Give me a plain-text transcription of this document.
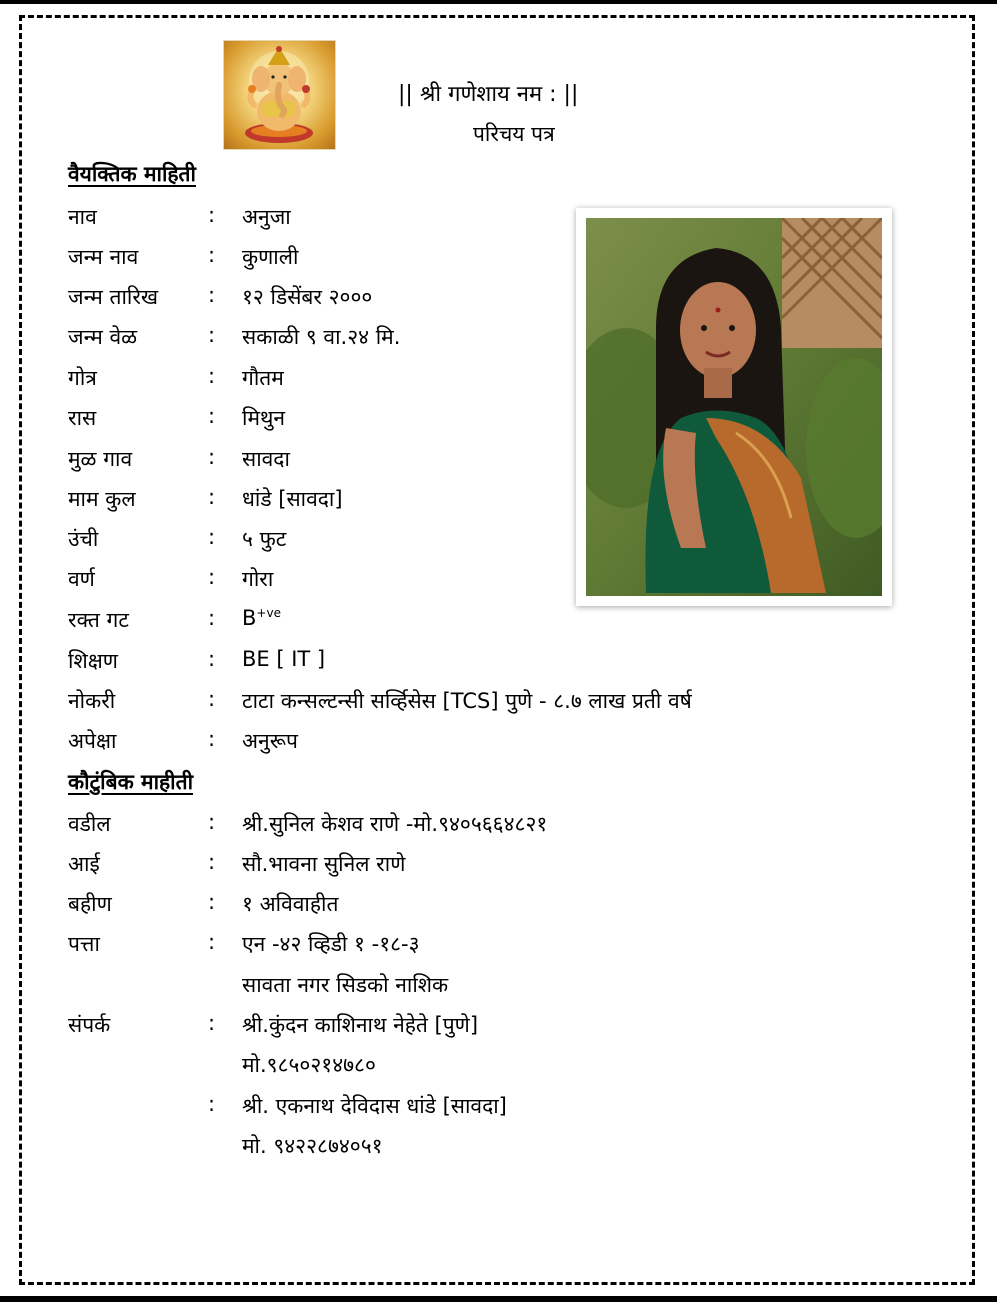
|| श्री गणेशाय नम : ||
परिचय पत्र
वैयक्तिक माहिती
नाव	: अनुजा
जन्म नाव	: कुणाली
जन्म तारिख : १२ डिसेंबर २०००
जन्म वेळ	: सकाळी ९ वा.२४ मि.
गोत्र	: गौतम
रास	: मिथुन
मुळ गाव	: सावदा
माम कुल	: धांडे [सावदा]
उंची	: ५ फुट
वर्ण	: गोरा
रक्त गट	: $B^{+ve}$
शिक्षण	: BE [ IT ]
नोकरी	: टाटा कन्सल्टन्सी सर्व्हिसेस [TCS] पुणे - ८.७ लाख प्रती वर्ष
अपेक्षा	: अनुरूप
कौटुंबिक माहीती
वडील	: श्री.सुनिल केशव राणे -मो.९४०५६६४८२१
आई	: सौ.भावना सुनिल राणे
बहीण	: १ अविवाहीत
पत्ता	: एन -४२ व्हिडी १ -१८-३
सावता नगर सिडको नाशिक
संपर्क	: श्री.कुंदन काशिनाथ नेहेते [पुणे]
मो.९८५०२१४७८०
: श्री. एकनाथ देविदास धांडे [सावदा]
मो. ९४२२८७४०५१
